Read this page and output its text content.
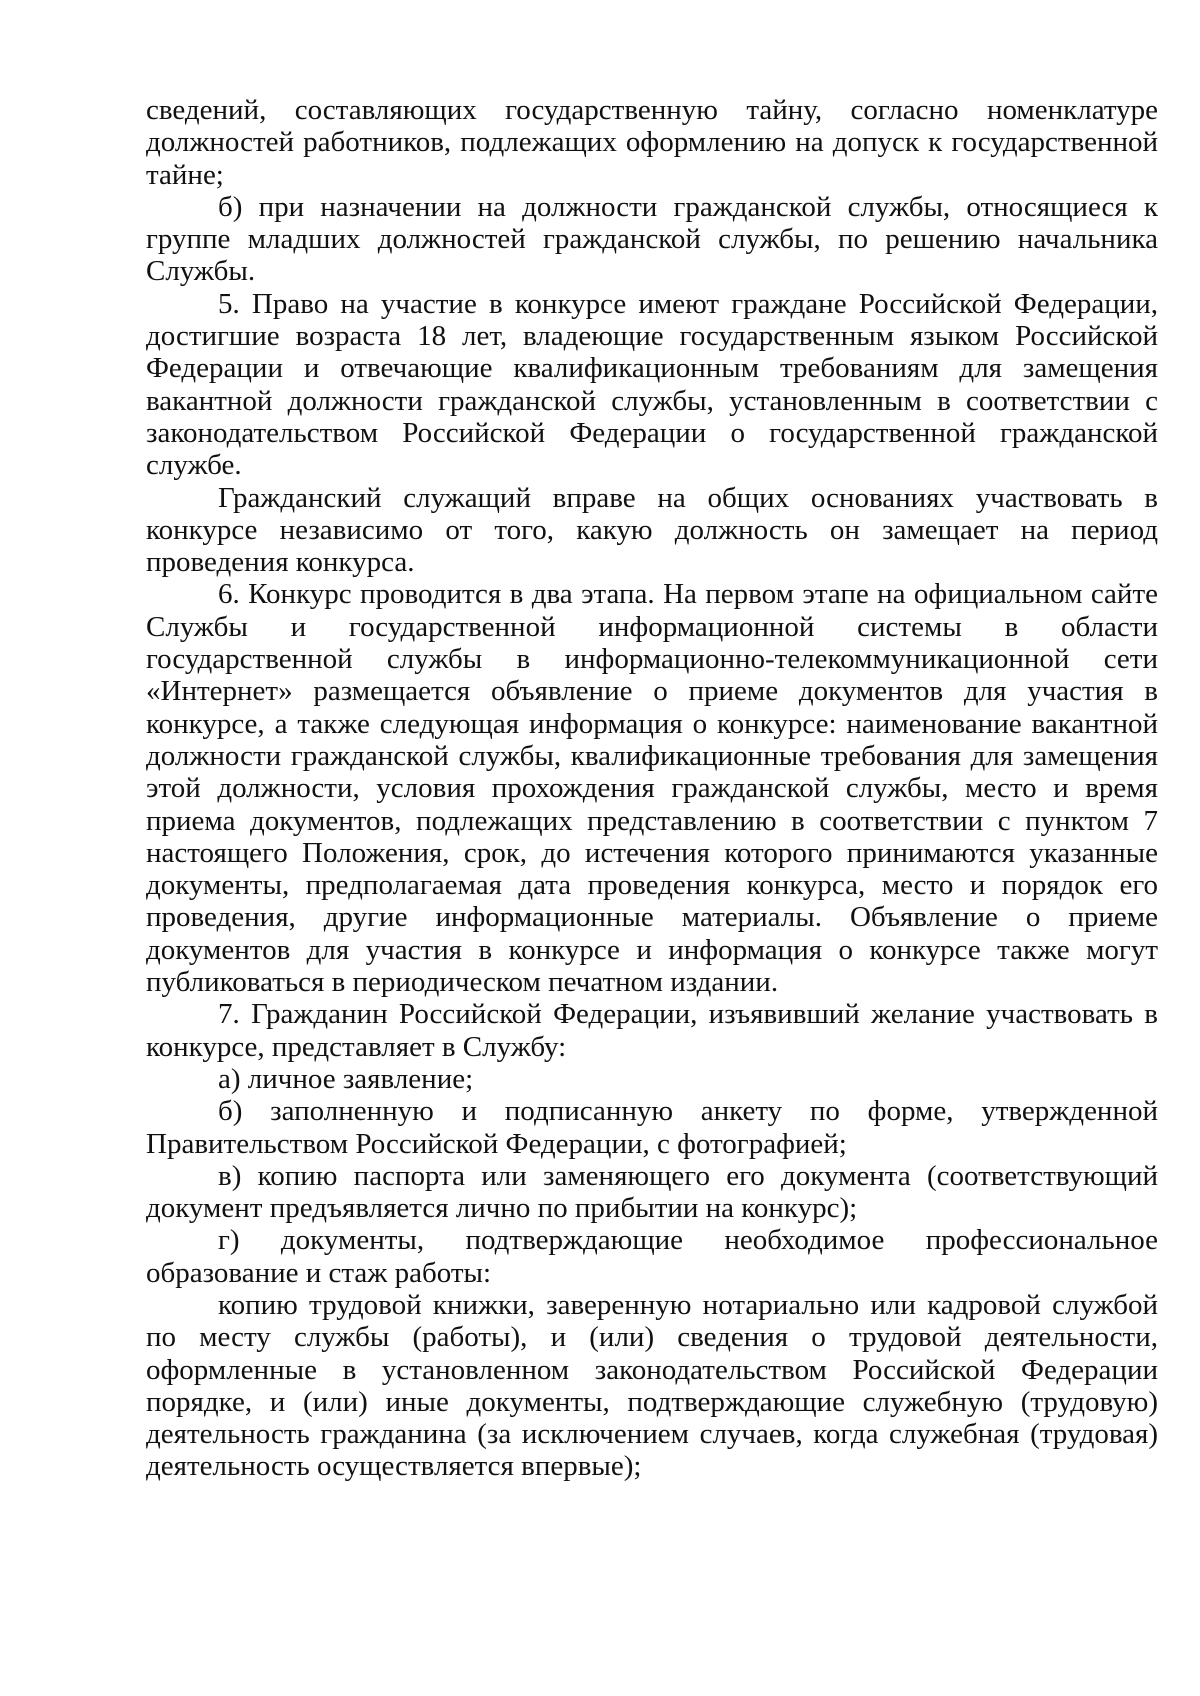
сведений, составляющих государственную тайну, согласно номенклатуре должностей работников, подлежащих оформлению на допуск к государственной тайне;

б) при назначении на должности гражданской службы, относящиеся к группе младших должностей гражданской службы, по решению начальника Службы.

5. Право на участие в конкурсе имеют граждане Российской Федерации, достигшие возраста 18 лет, владеющие государственным языком Российской Федерации и отвечающие квалификационным требованиям для замещения вакантной должности гражданской службы, установленным в соответствии с законодательством Российской Федерации о государственной гражданской службе.

Гражданский служащий вправе на общих основаниях участвовать в конкурсе независимо от того, какую должность он замещает на период проведения конкурса.

6. Конкурс проводится в два этапа. На первом этапе на официальном сайте Службы и государственной информационной системы в области государственной службы в информационно-телекоммуникационной сети «Интернет» размещается объявление о приеме документов для участия в конкурсе, а также следующая информация о конкурсе: наименование вакантной должности гражданской службы, квалификационные требования для замещения этой должности, условия прохождения гражданской службы, место и время приема документов, подлежащих представлению в соответствии с пунктом 7 настоящего Положения, срок, до истечения которого принимаются указанные документы, предполагаемая дата проведения конкурса, место и порядок его проведения, другие информационные материалы. Объявление о приеме документов для участия в конкурсе и информация о конкурсе также могут публиковаться в периодическом печатном издании.

7. Гражданин Российской Федерации, изъявивший желание участвовать в конкурсе, представляет в Службу:

а) личное заявление;

б) заполненную и подписанную анкету по форме, утвержденной Правительством Российской Федерации, с фотографией;

в) копию паспорта или заменяющего его документа (соответствующий документ предъявляется лично по прибытии на конкурс);

г) документы, подтверждающие необходимое профессиональное образование и стаж работы:

копию трудовой книжки, заверенную нотариально или кадровой службой по месту службы (работы), и (или) сведения о трудовой деятельности, оформленные в установленном законодательством Российской Федерации порядке, и (или) иные документы, подтверждающие служебную (трудовую) деятельность гражданина (за исключением случаев, когда служебная (трудовая) деятельность осуществляется впервые);
